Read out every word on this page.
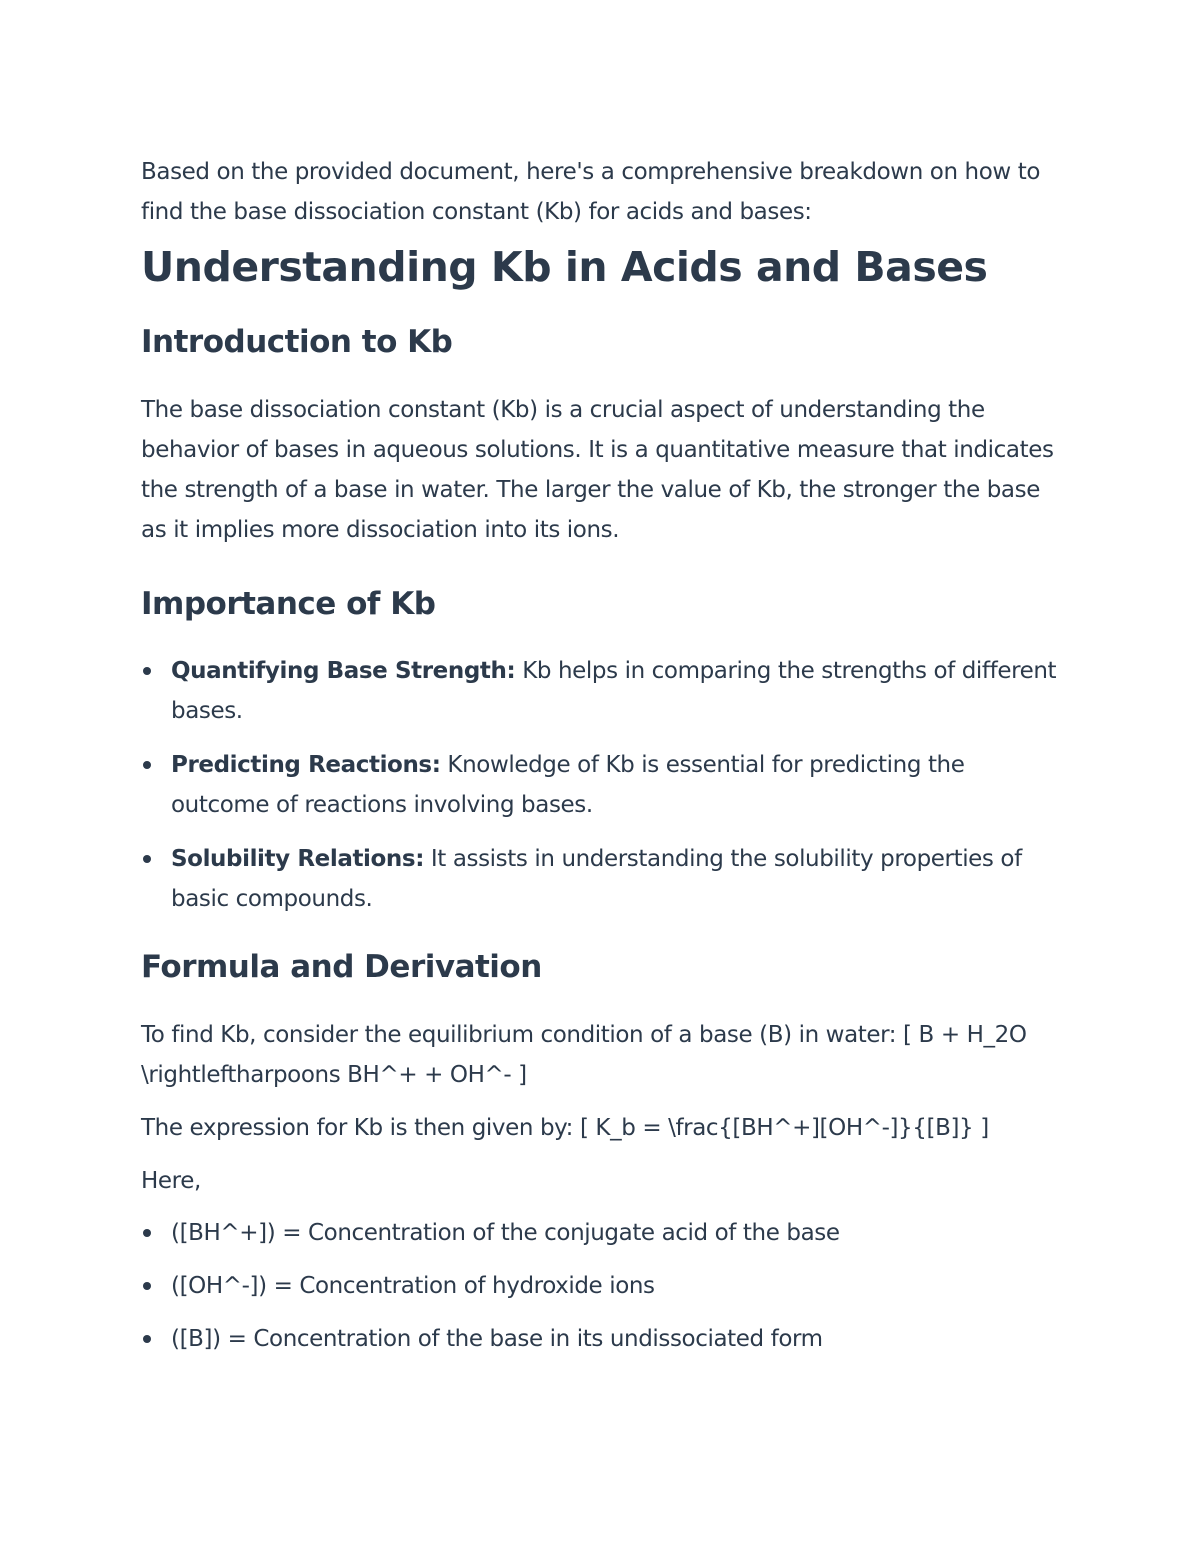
Based on the provided document, here's a comprehensive breakdown on how to find the base dissociation constant (Kb) for acids and bases:

Understanding Kb in Acids and Bases
Introduction to Kb

The base dissociation constant (Kb) is a crucial aspect of understanding the behavior of bases in aqueous solutions. It is a quantitative measure that indicates the strength of a base in water. The larger the value of Kb, the stronger the base as it implies more dissociation into its ions.

Importance of Kb
Quantifying Base Strength: Kb helps in comparing the strengths of different bases.
Predicting Reactions: Knowledge of Kb is essential for predicting the outcome of reactions involving bases.
Solubility Relations: It assists in understanding the solubility properties of basic compounds.
Formula and Derivation

To find Kb, consider the equilibrium condition of a base (B) in water: [ B + H_2O \rightleftharpoons BH^+ + OH^- ]

The expression for Kb is then given by: [ K_b = \frac{[BH^+][OH^-]}{[B]} ]

Here,

([BH^+]) = Concentration of the conjugate acid of the base
([OH^-]) = Concentration of hydroxide ions
([B]) = Concentration of the base in its undissociated form
